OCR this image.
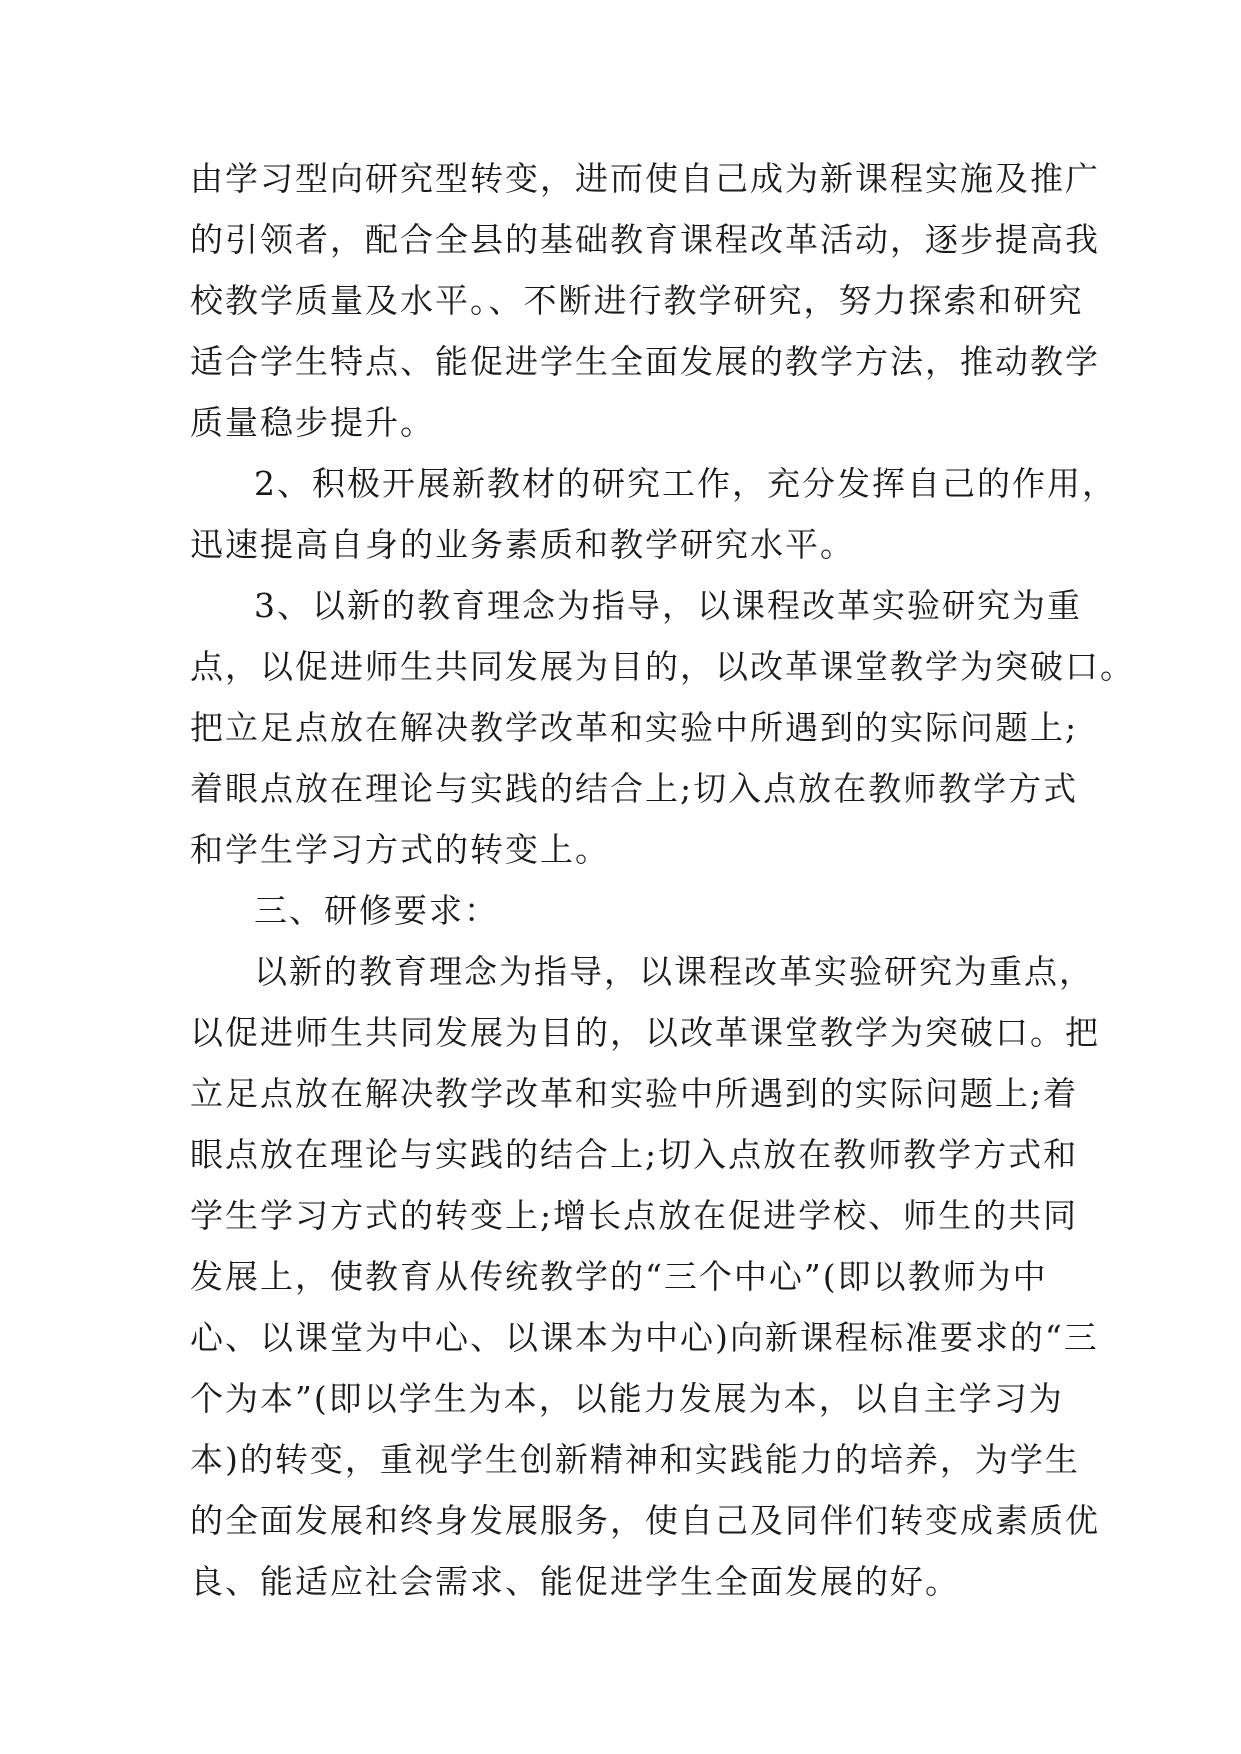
由学习型向研究型转变，进而使自己成为新课程实施及推广
的引领者，配合全县的基础教育课程改革活动，逐步提高我
校教学质量及水平。、不断进行教学研究，努力探索和研究
适合学生特点、能促进学生全面发展的教学方法，推动教学
质量稳步提升。
2、积极开展新教材的研究工作，充分发挥自己的作用，
迅速提高自身的业务素质和教学研究水平。
3、以新的教育理念为指导，以课程改革实验研究为重
点，以促进师生共同发展为目的，以改革课堂教学为突破口。
把立足点放在解决教学改革和实验中所遇到的实际问题上;
着眼点放在理论与实践的结合上;切入点放在教师教学方式
和学生学习方式的转变上。
三、研修要求：
以新的教育理念为指导，以课程改革实验研究为重点，
以促进师生共同发展为目的，以改革课堂教学为突破口。把
立足点放在解决教学改革和实验中所遇到的实际问题上;着
眼点放在理论与实践的结合上;切入点放在教师教学方式和
学生学习方式的转变上;增长点放在促进学校、师生的共同
发展上，使教育从传统教学的“三个中心”(即以教师为中
心、以课堂为中心、以课本为中心)向新课程标准要求的“三
个为本”(即以学生为本，以能力发展为本，以自主学习为
本)的转变，重视学生创新精神和实践能力的培养，为学生
的全面发展和终身发展服务，使自己及同伴们转变成素质优
良、能适应社会需求、能促进学生全面发展的好。
